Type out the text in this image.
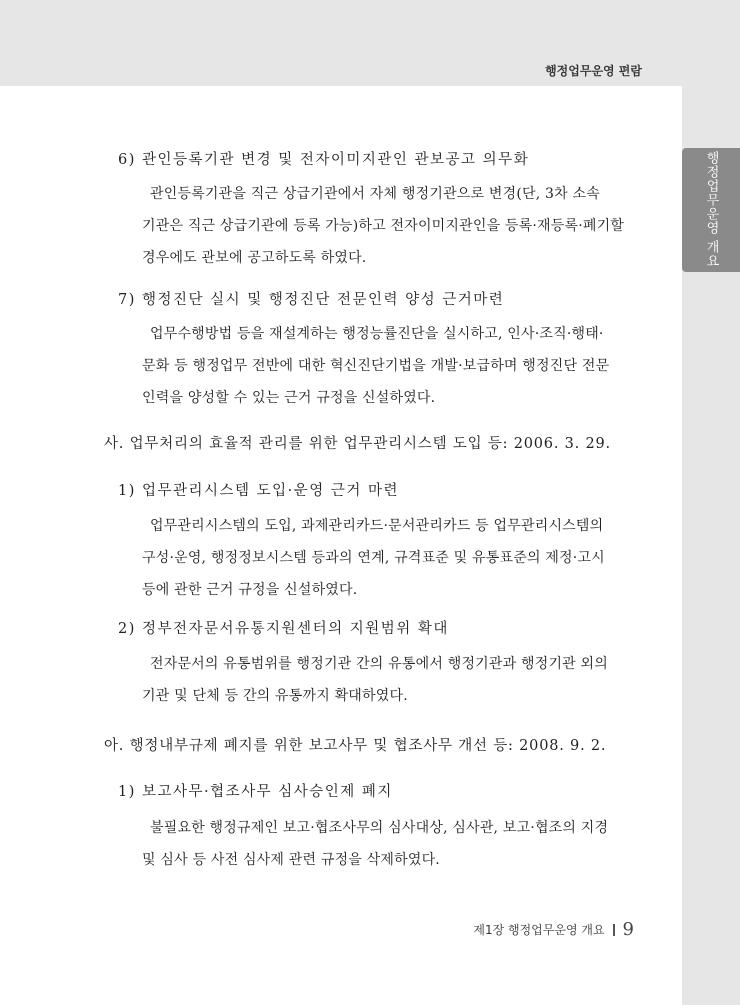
행정업무운영 편람
행정업무운영 개요
6) 관인등록기관 변경 및 전자이미지관인 관보공고 의무화
관인등록기관을 직근 상급기관에서 자체 행정기관으로 변경(단, 3차 소속
기관은 직근 상급기관에 등록 가능)하고 전자이미지관인을 등록·재등록·폐기할
경우에도 관보에 공고하도록 하였다.
7) 행정진단 실시 및 행정진단 전문인력 양성 근거마련
업무수행방법 등을 재설계하는 행정능률진단을 실시하고, 인사·조직·행태·
문화 등 행정업무 전반에 대한 혁신진단기법을 개발·보급하며 행정진단 전문
인력을 양성할 수 있는 근거 규정을 신설하였다.
사. 업무처리의 효율적 관리를 위한 업무관리시스템 도입 등: 2006. 3. 29.
1) 업무관리시스템 도입·운영 근거 마련
업무관리시스템의 도입, 과제관리카드·문서관리카드 등 업무관리시스템의
구성·운영, 행정정보시스템 등과의 연계, 규격표준 및 유통표준의 제정·고시
등에 관한 근거 규정을 신설하였다.
2) 정부전자문서유통지원센터의 지원범위 확대
전자문서의 유통범위를 행정기관 간의 유통에서 행정기관과 행정기관 외의
기관 및 단체 등 간의 유통까지 확대하였다.
아. 행정내부규제 폐지를 위한 보고사무 및 협조사무 개선 등: 2008. 9. 2.
1) 보고사무·협조사무 심사승인제 폐지
불필요한 행정규제인 보고·협조사무의 심사대상, 심사관, 보고·협조의 지경
및 심사 등 사전 심사제 관련 규정을 삭제하였다.
제1장 행정업무운영 개요 9
